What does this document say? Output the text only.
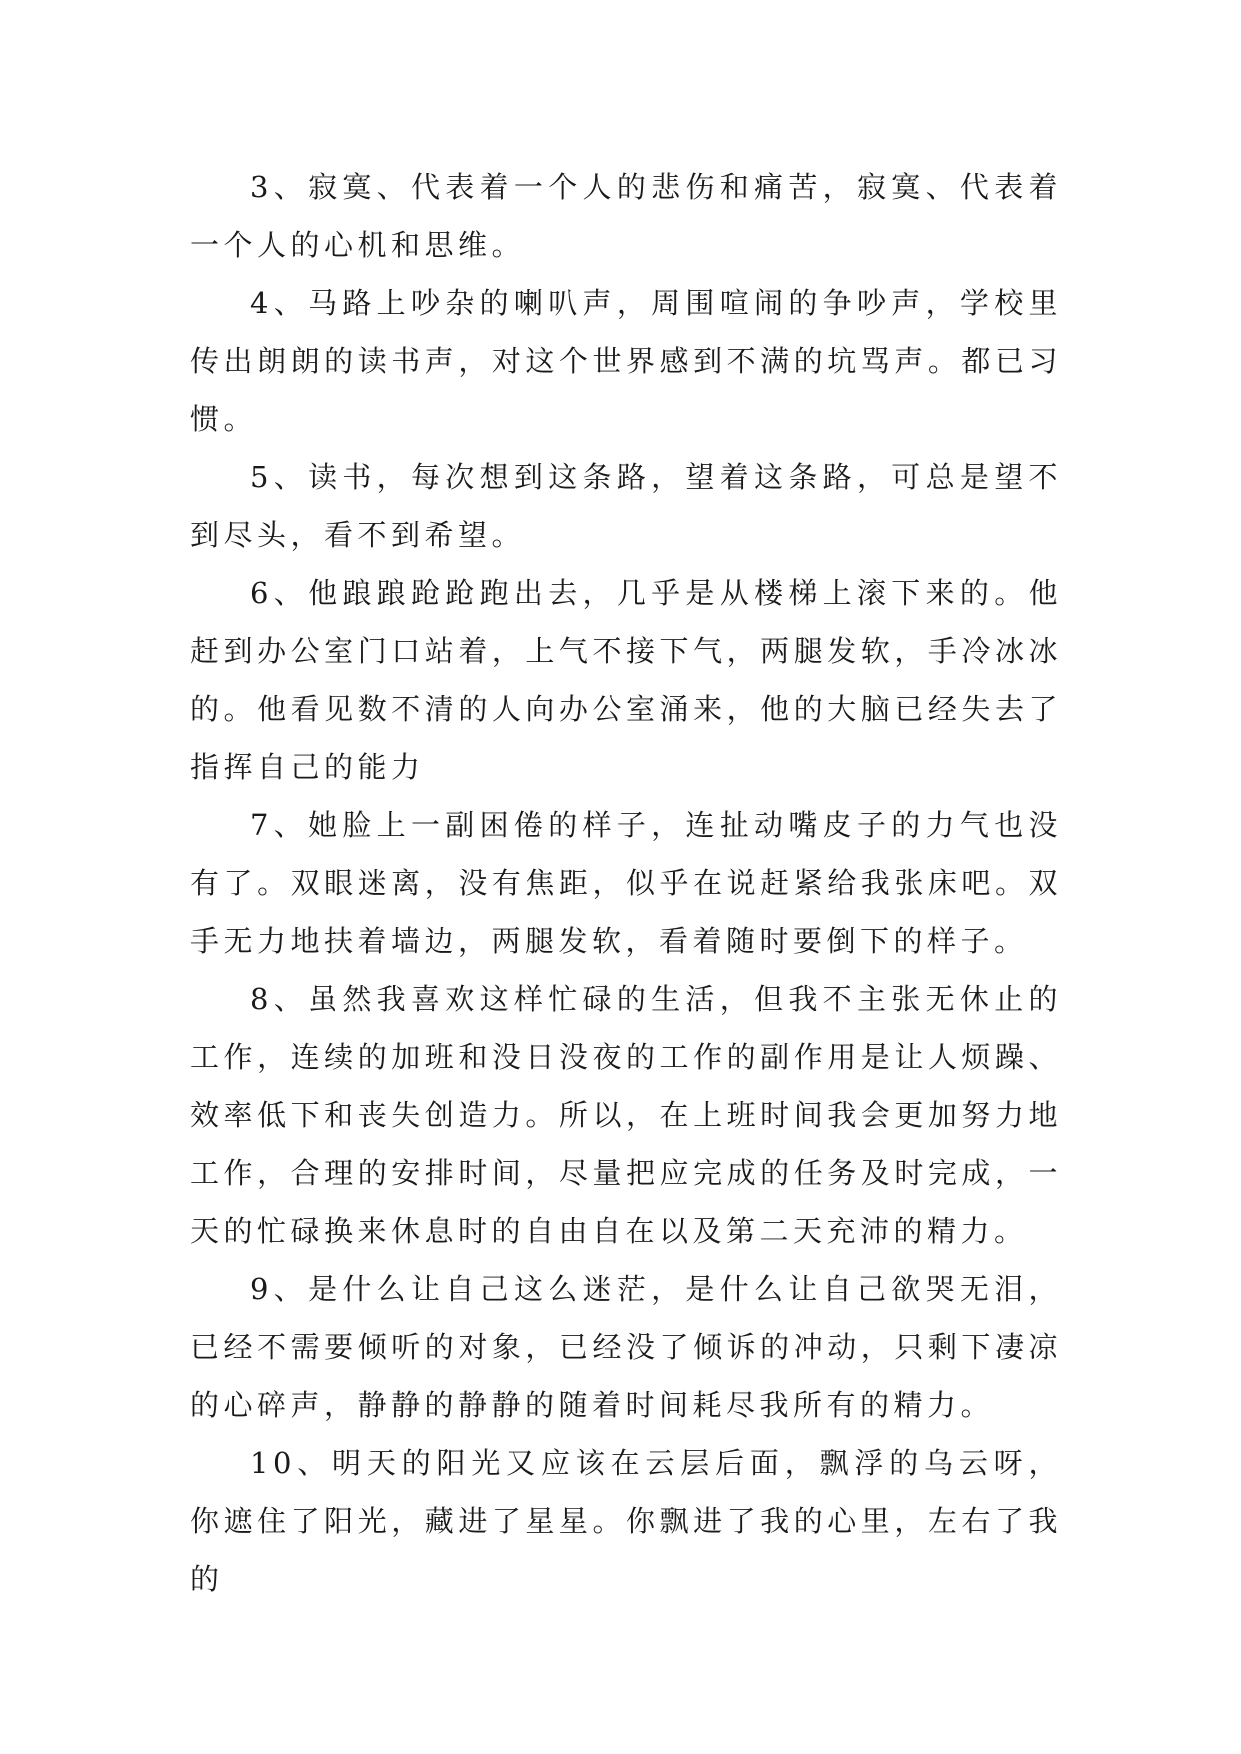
3、寂寞、代表着一个人的悲伤和痛苦，寂寞、代表着一个人的心机和思维。

4、马路上吵杂的喇叭声，周围喧闹的争吵声，学校里传出朗朗的读书声，对这个世界感到不满的坑骂声。都已习惯。

5、读书，每次想到这条路，望着这条路，可总是望不到尽头，看不到希望。

6、他踉踉跄跄跑出去，几乎是从楼梯上滚下来的。他赶到办公室门口站着，上气不接下气，两腿发软，手冷冰冰的。他看见数不清的人向办公室涌来，他的大脑已经失去了指挥自己的能力

7、她脸上一副困倦的样子，连扯动嘴皮子的力气也没有了。双眼迷离，没有焦距，似乎在说赶紧给我张床吧。双手无力地扶着墙边，两腿发软，看着随时要倒下的样子。

8、虽然我喜欢这样忙碌的生活，但我不主张无休止的工作，连续的加班和没日没夜的工作的副作用是让人烦躁、效率低下和丧失创造力。所以，在上班时间我会更加努力地工作，合理的安排时间，尽量把应完成的任务及时完成，一天的忙碌换来休息时的自由自在以及第二天充沛的精力。

9、是什么让自己这么迷茫，是什么让自己欲哭无泪，已经不需要倾听的对象，已经没了倾诉的冲动，只剩下凄凉的心碎声，静静的静静的随着时间耗尽我所有的精力。

10、明天的阳光又应该在云层后面，飘浮的乌云呀，你遮住了阳光，藏进了星星。你飘进了我的心里，左右了我的
